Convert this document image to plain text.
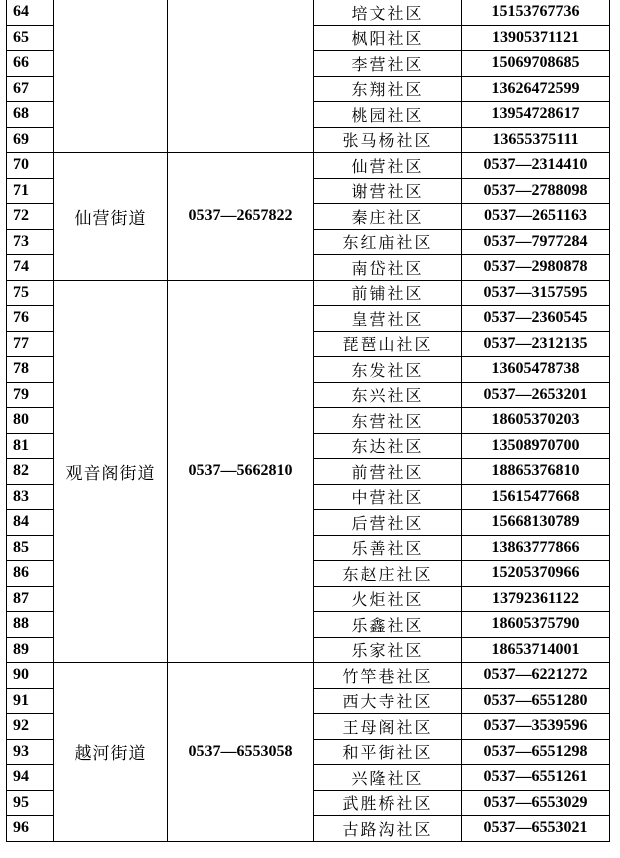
64			培文社区	15153767736
65			枫阳社区	13905371121
66			李营社区	15069708685
67			东翔社区	13626472599
68			桃园社区	13954728617
69			张马杨社区	13655375111
70	仙营街道	0537—2657822	仙营社区	0537—2314410
71			谢营社区	0537—2788098
72			秦庄社区	0537—2651163
73			东红庙社区	0537—7977284
74			南岱社区	0537—2980878
75	观音阁街道	0537—5662810	前铺社区	0537—3157595
76			皇营社区	0537—2360545
77			琵琶山社区	0537—2312135
78			东发社区	13605478738
79			东兴社区	0537—2653201
80			东营社区	18605370203
81			东达社区	13508970700
82			前营社区	18865376810
83			中营社区	15615477668
84			后营社区	15668130789
85			乐善社区	13863777866
86			东赵庄社区	15205370966
87			火炬社区	13792361122
88			乐鑫社区	18605375790
89			乐家社区	18653714001
90	越河街道	0537—6553058	竹竿巷社区	0537—6221272
91			西大寺社区	0537—6551280
92			王母阁社区	0537—3539596
93			和平街社区	0537—6551298
94			兴隆社区	0537—6551261
95			武胜桥社区	0537—6553029
96			古路沟社区	0537—6553021
